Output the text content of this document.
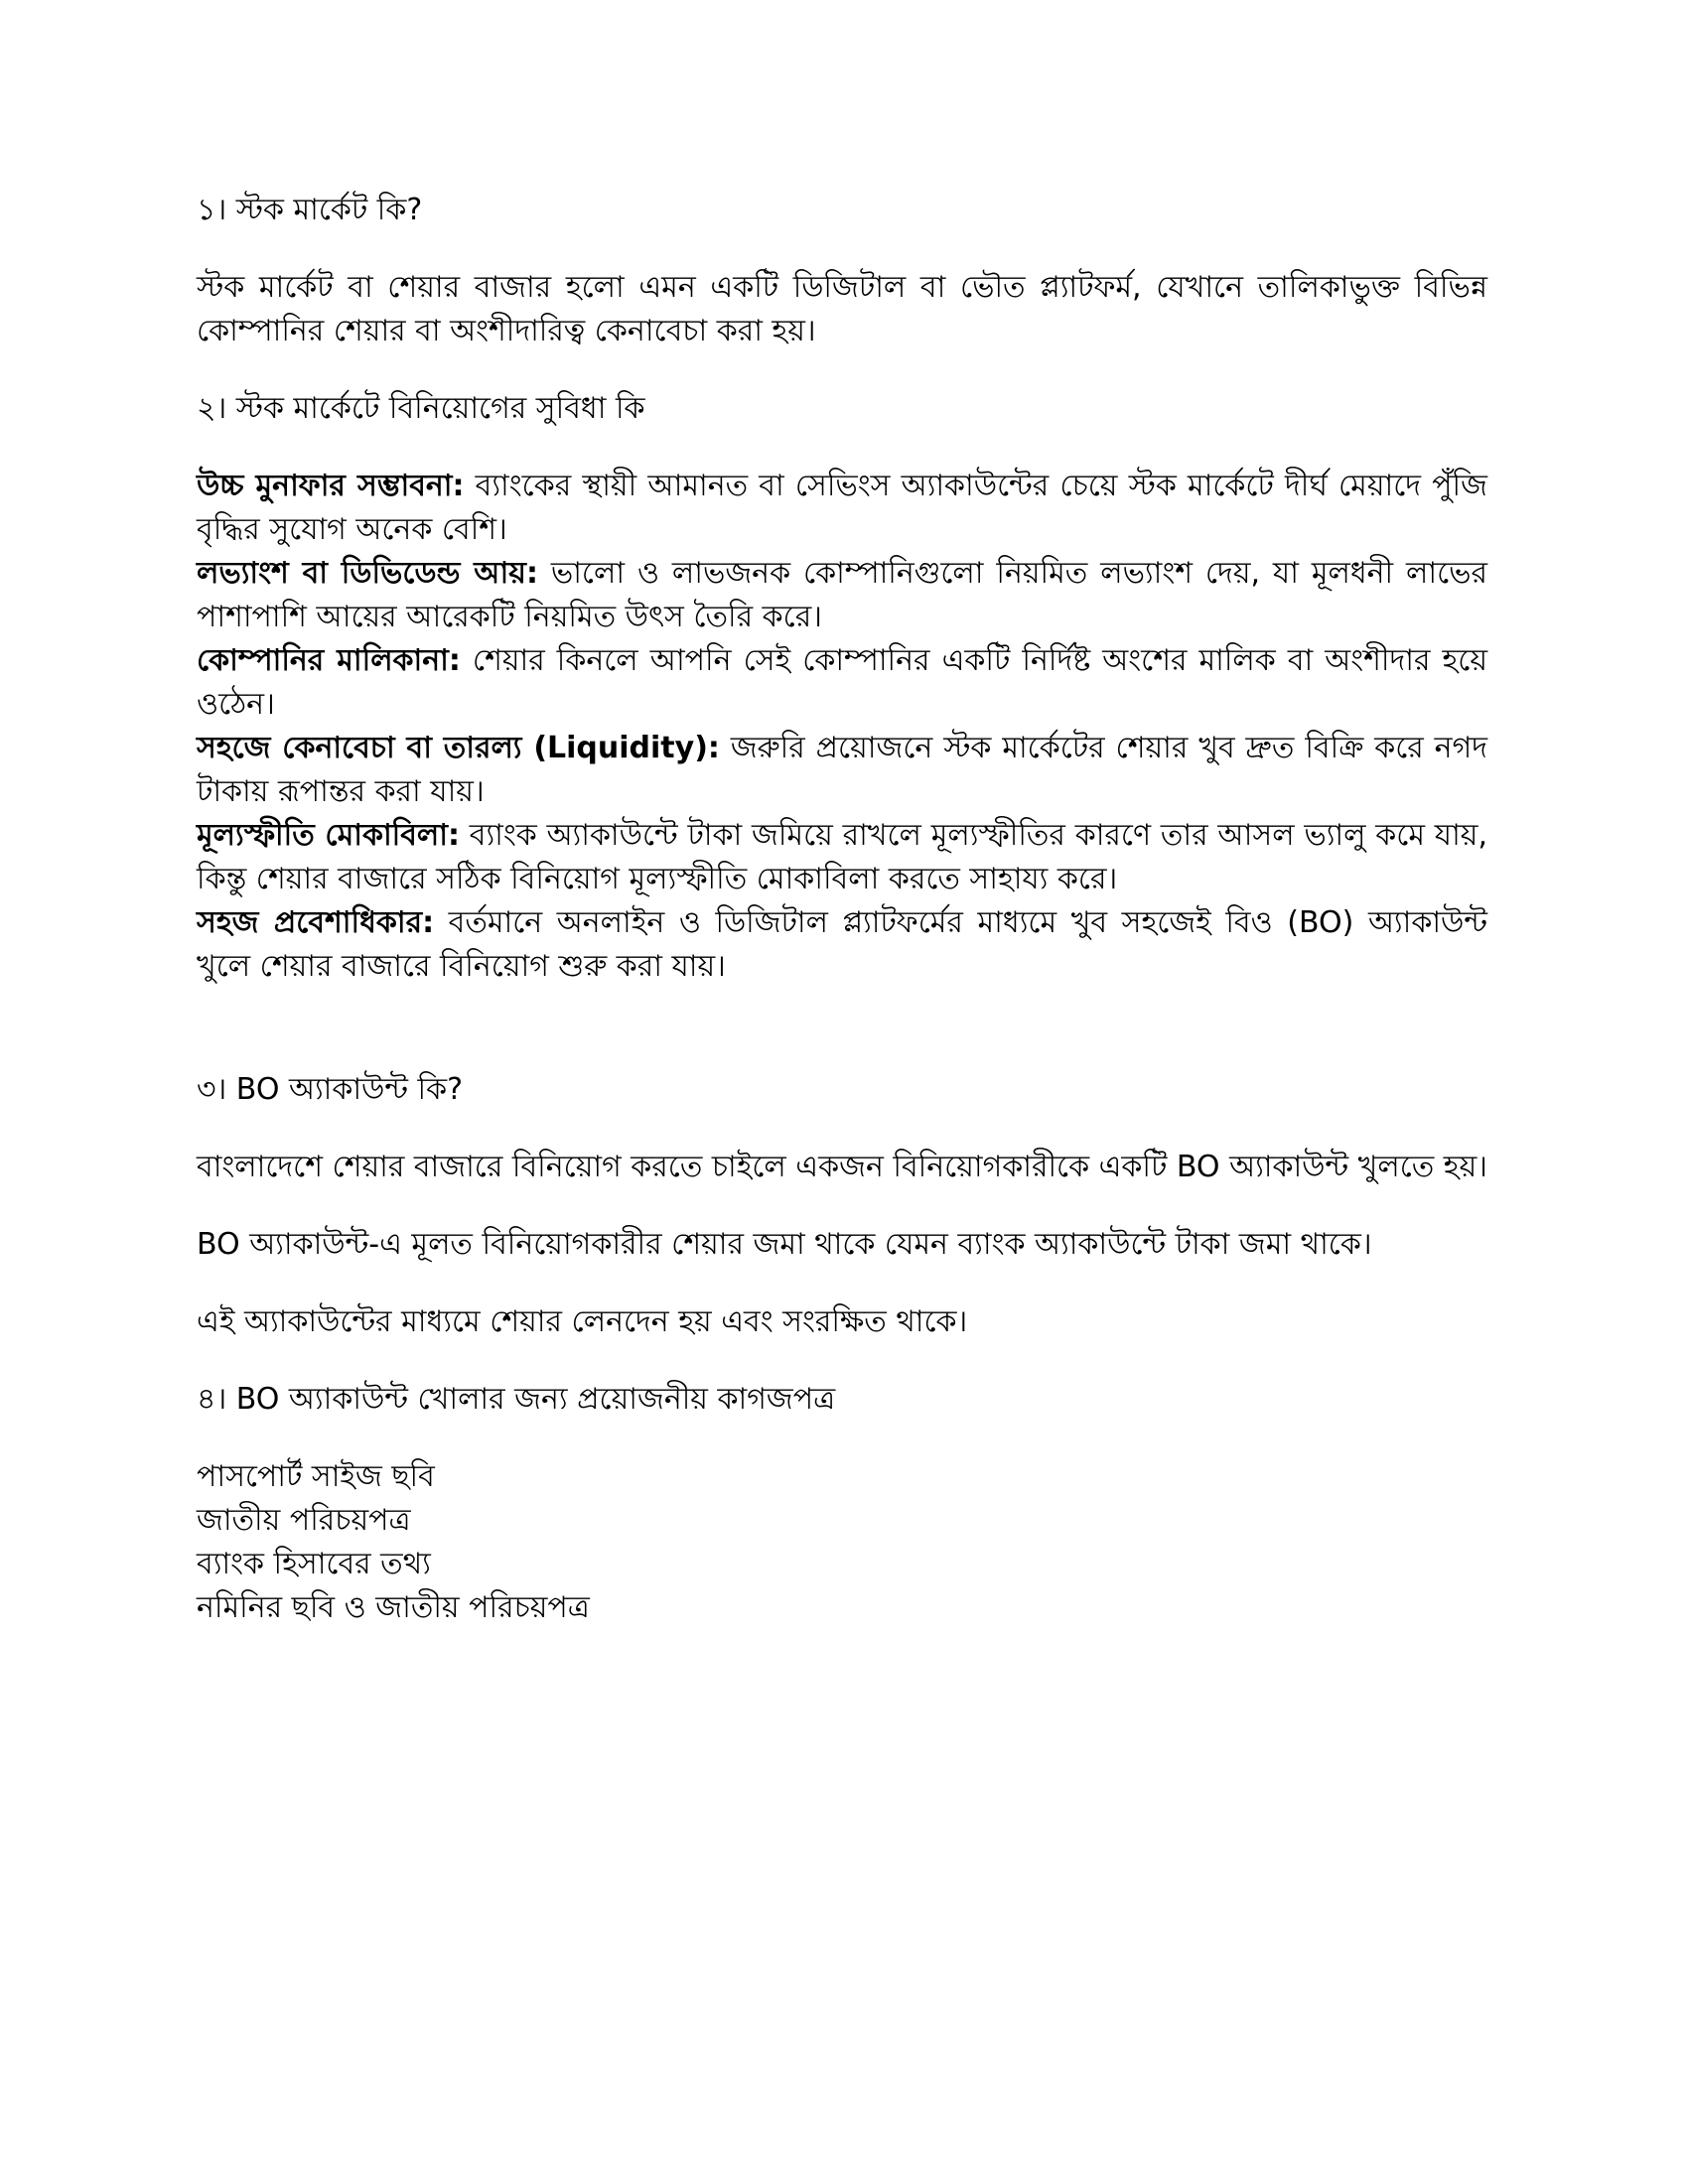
১। স্টক মার্কেট কি?

স্টক মার্কেট বা শেয়ার বাজার হলো এমন একটি ডিজিটাল বা ভৌত প্ল্যাটফর্ম, যেখানে তালিকাভুক্ত বিভিন্ন কোম্পানির শেয়ার বা অংশীদারিত্ব কেনাবেচা করা হয়।

২। স্টক মার্কেটে বিনিয়োগের সুবিধা কি

উচ্চ মুনাফার সম্ভাবনা: ব্যাংকের স্থায়ী আমানত বা সেভিংস অ্যাকাউন্টের চেয়ে স্টক মার্কেটে দীর্ঘ মেয়াদে পুঁজি বৃদ্ধির সুযোগ অনেক বেশি।

লভ্যাংশ বা ডিভিডেন্ড আয়: ভালো ও লাভজনক কোম্পানিগুলো নিয়মিত লভ্যাংশ দেয়, যা মূলধনী লাভের পাশাপাশি আয়ের আরেকটি নিয়মিত উৎস তৈরি করে।

কোম্পানির মালিকানা: শেয়ার কিনলে আপনি সেই কোম্পানির একটি নির্দিষ্ট অংশের মালিক বা অংশীদার হয়ে ওঠেন।

সহজে কেনাবেচা বা তারল্য (Liquidity): জরুরি প্রয়োজনে স্টক মার্কেটের শেয়ার খুব দ্রুত বিক্রি করে নগদ টাকায় রূপান্তর করা যায়।

মূল্যস্ফীতি মোকাবিলা: ব্যাংক অ্যাকাউন্টে টাকা জমিয়ে রাখলে মূল্যস্ফীতির কারণে তার আসল ভ্যালু কমে যায়, কিন্তু শেয়ার বাজারে সঠিক বিনিয়োগ মূল্যস্ফীতি মোকাবিলা করতে সাহায্য করে।

সহজ প্রবেশাধিকার: বর্তমানে অনলাইন ও ডিজিটাল প্ল্যাটফর্মের মাধ্যমে খুব সহজেই বিও (BO) অ্যাকাউন্ট খুলে শেয়ার বাজারে বিনিয়োগ শুরু করা যায়।

৩। BO অ্যাকাউন্ট কি?

বাংলাদেশে শেয়ার বাজারে বিনিয়োগ করতে চাইলে একজন বিনিয়োগকারীকে একটি BO অ্যাকাউন্ট খুলতে হয়।

BO অ্যাকাউন্ট-এ মূলত বিনিয়োগকারীর শেয়ার জমা থাকে যেমন ব্যাংক অ্যাকাউন্টে টাকা জমা থাকে।

এই অ্যাকাউন্টের মাধ্যমে শেয়ার লেনদেন হয় এবং সংরক্ষিত থাকে।

৪। BO অ্যাকাউন্ট খোলার জন্য প্রয়োজনীয় কাগজপত্র

পাসপোর্ট সাইজ ছবি
জাতীয় পরিচয়পত্র
ব্যাংক হিসাবের তথ্য
নমিনির ছবি ও জাতীয় পরিচয়পত্র
